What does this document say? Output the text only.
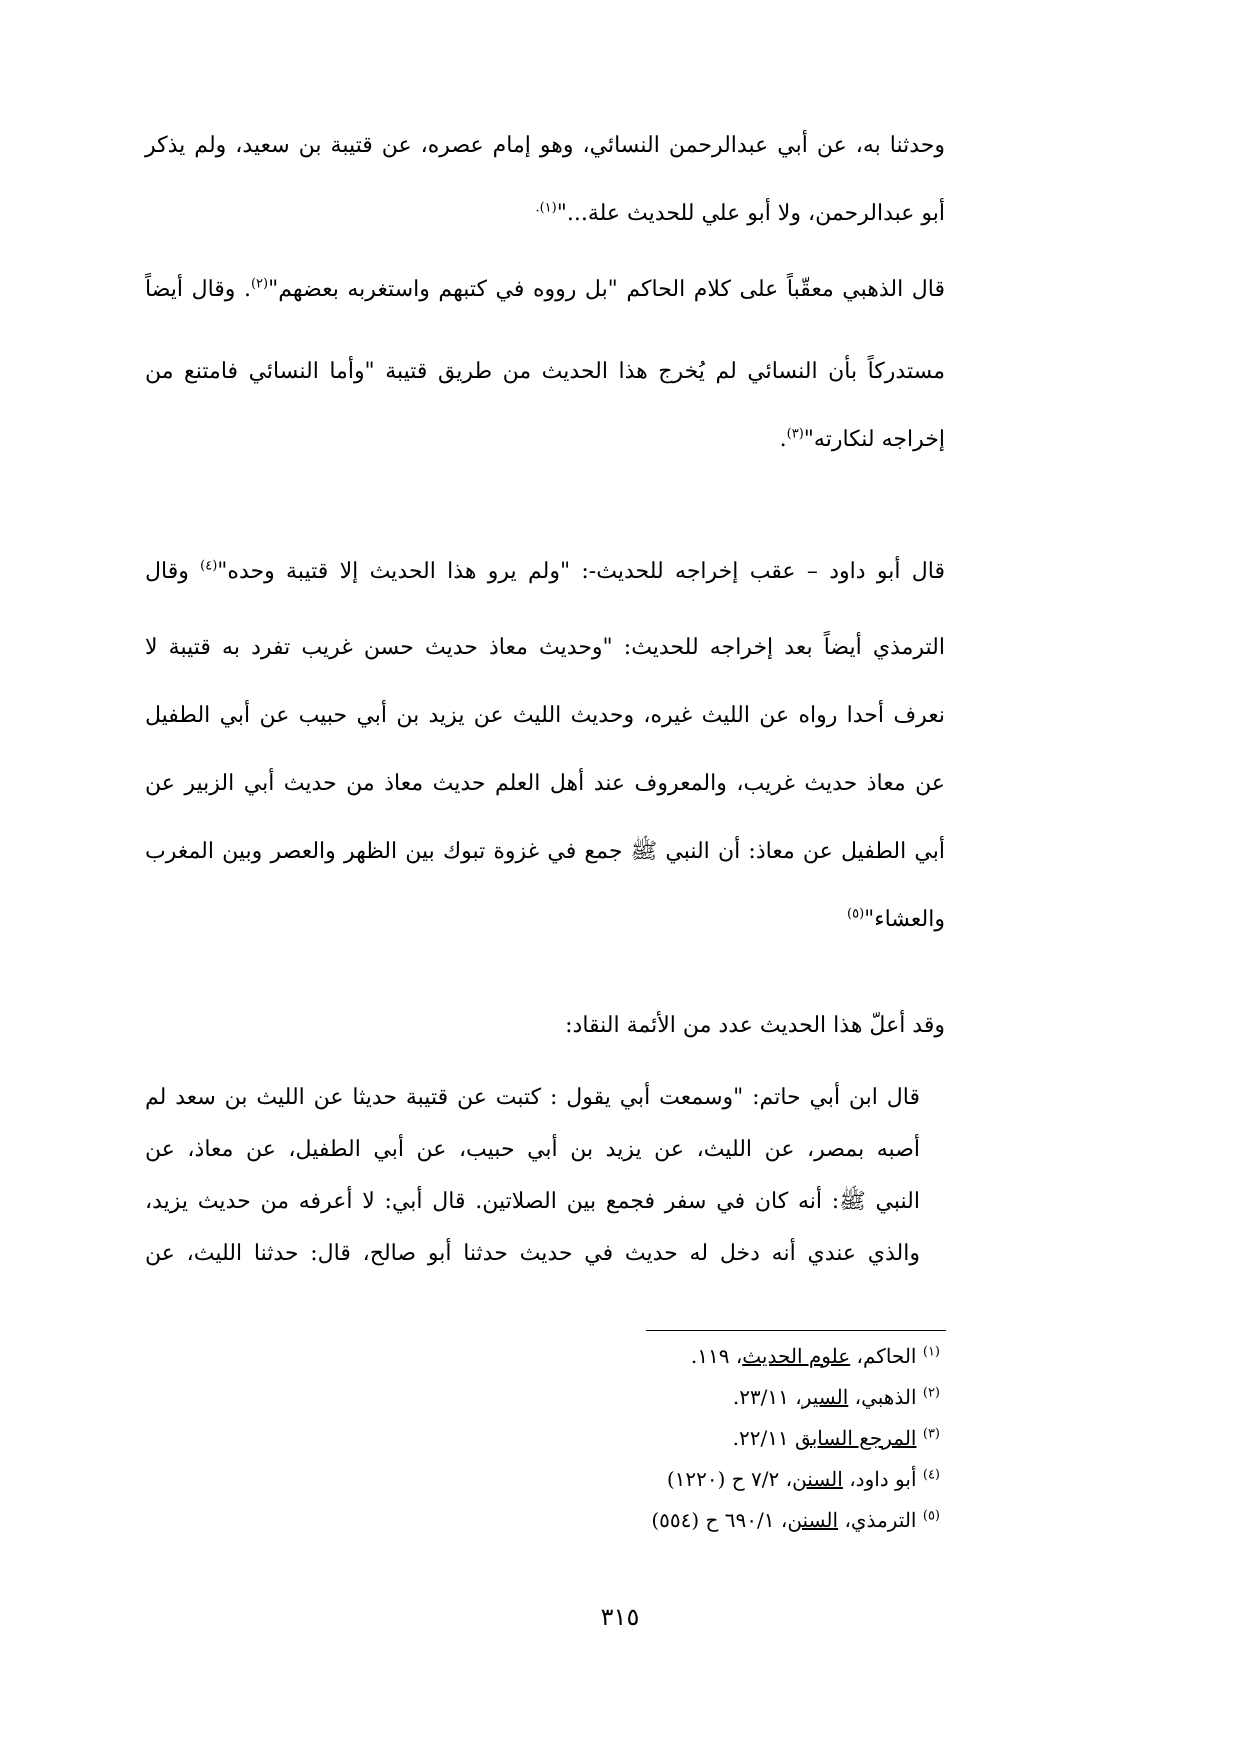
وحدثنا به، عن أبي عبدالرحمن النسائي، وهو إمام عصره، عن قتيبة بن سعيد، ولم يذكر
أبو عبدالرحمن، ولا أبو علي للحديث علة..."$^{(١).}$
قال الذهبي معقّباً على كلام الحاكم "بل رووه في كتبهم واستغربه بعضهم"$^{(٢)}$. وقال أيضاً
مستدركاً بأن النسائي لم يُخرج هذا الحديث من طريق قتيبة "وأما النسائي فامتنع من
إخراجه لنكارته"$^{(٣)}$.
قال أبو داود – عقب إخراجه للحديث-: "ولم يرو هذا الحديث إلا قتيبة وحده"$^{(٤)}$ وقال
الترمذي أيضاً بعد إخراجه للحديث: "وحديث معاذ حديث حسن غريب تفرد به قتيبة لا
نعرف أحدا رواه عن الليث غيره، وحديث الليث عن يزيد بن أبي حبيب عن أبي الطفيل
عن معاذ حديث غريب، والمعروف عند أهل العلم حديث معاذ من حديث أبي الزبير عن
أبي الطفيل عن معاذ: أن النبي ﷺ جمع في غزوة تبوك بين الظهر والعصر وبين المغرب
والعشاء"$^{(٥)}$
وقد أعلّ هذا الحديث عدد من الأئمة النقاد:
قال ابن أبي حاتم: "وسمعت أبي يقول : كتبت عن قتيبة حديثا عن الليث بن سعد لم
أصبه بمصر، عن الليث، عن يزيد بن أبي حبيب، عن أبي الطفيل، عن معاذ، عن
النبي ﷺ: أنه كان في سفر فجمع بين الصلاتين. قال أبي: لا أعرفه من حديث يزيد،
والذي عندي أنه دخل له حديث في حديث حدثنا أبو صالح، قال: حدثنا الليث، عن

$^{(١)}$ الحاكم، علوم الحديث، ١١٩.

$^{(٢)}$ الذهبي، السير، ٢٣/١١.

$^{(٣)}$ المرجع السابق ٢٢/١١.

$^{(٤)}$ أبو داود، السنن، ٧/٢ ح (١٢٢٠)

$^{(٥)}$ الترمذي، السنن، ٦٩٠/١ ح (٥٥٤)

٣١٥
